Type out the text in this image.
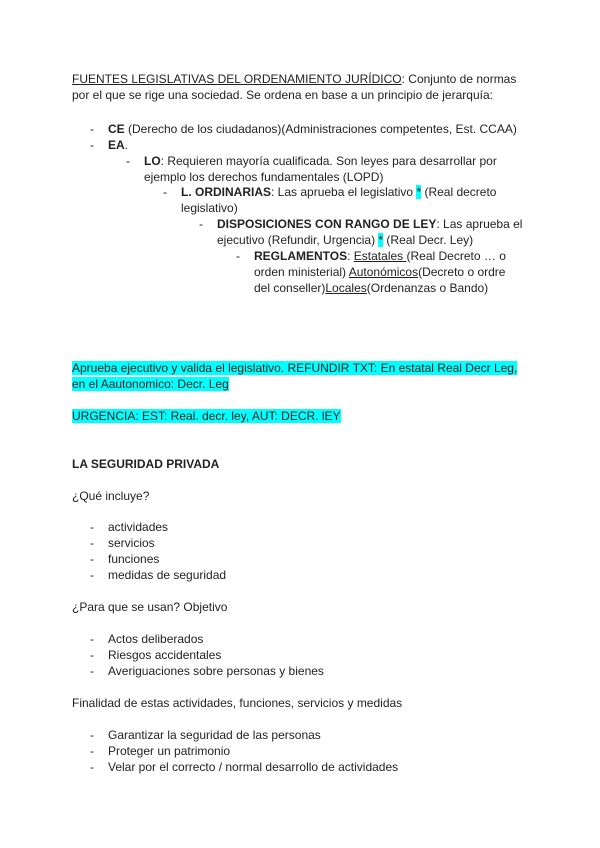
FUENTES LEGISLATIVAS DEL ORDENAMIENTO JURÍDICO: Conjunto de normas
por el que se rige una sociedad. Se ordena en base a un principio de jerarquía:
- CE (Derecho de los ciudadanos)(Administraciones competentes, Est. CCAA)
- EA.
- LO: Requieren mayoría cualificada. Son leyes para desarrollar por
ejemplo los derechos fundamentales (LOPD)
- L. ORDINARIAS: Las aprueba el legislativo * (Real decreto
legislativo)
- DISPOSICIONES CON RANGO DE LEY: Las aprueba el
ejecutivo (Refundir, Urgencia) * (Real Decr. Ley)
- REGLAMENTOS: Estatales (Real Decreto … o
orden ministerial) Autonómicos(Decreto o ordre
del conseller)Locales(Ordenanzas o Bando)
Aprueba ejecutivo y valida el legislativo. REFUNDIR TXT: En estatal Real Decr Leg,
en el Aautonomico: Decr. Leg
URGENCIA: EST: Real. decr. ley, AUT: DECR. lEY
LA SEGURIDAD PRIVADA
¿Qué incluye?
- actividades
- servicios
- funciones
- medidas de seguridad
¿Para que se usan? Objetivo
- Actos deliberados
- Riesgos accidentales
- Averiguaciones sobre personas y bienes
Finalidad de estas actividades, funciones, servicios y medidas
- Garantizar la seguridad de las personas
- Proteger un patrimonio
- Velar por el correcto / normal desarrollo de actividades
